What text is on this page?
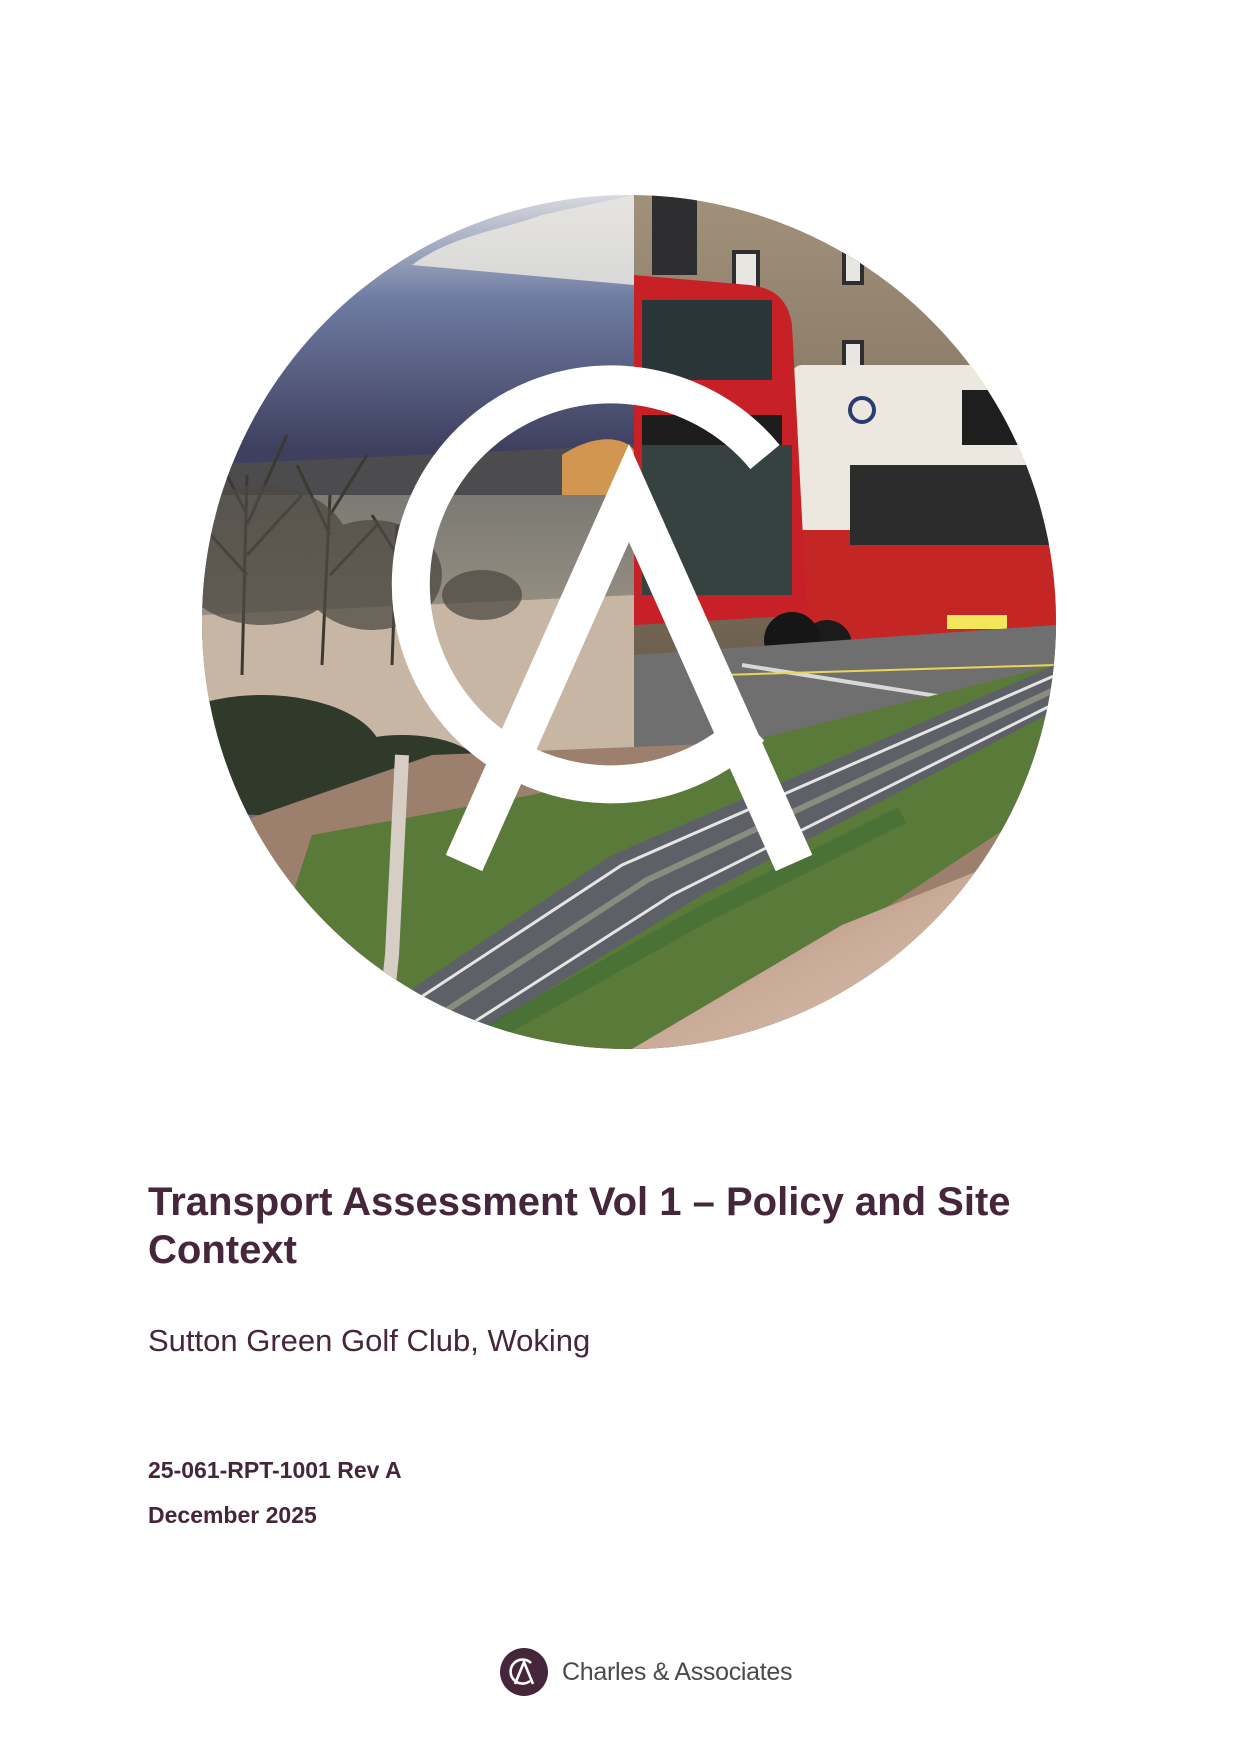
Transport Assessment Vol 1 – Policy and Site Context

Sutton Green Golf Club, Woking

25-061-RPT-1001 Rev A

December 2025

Charles & Associates
